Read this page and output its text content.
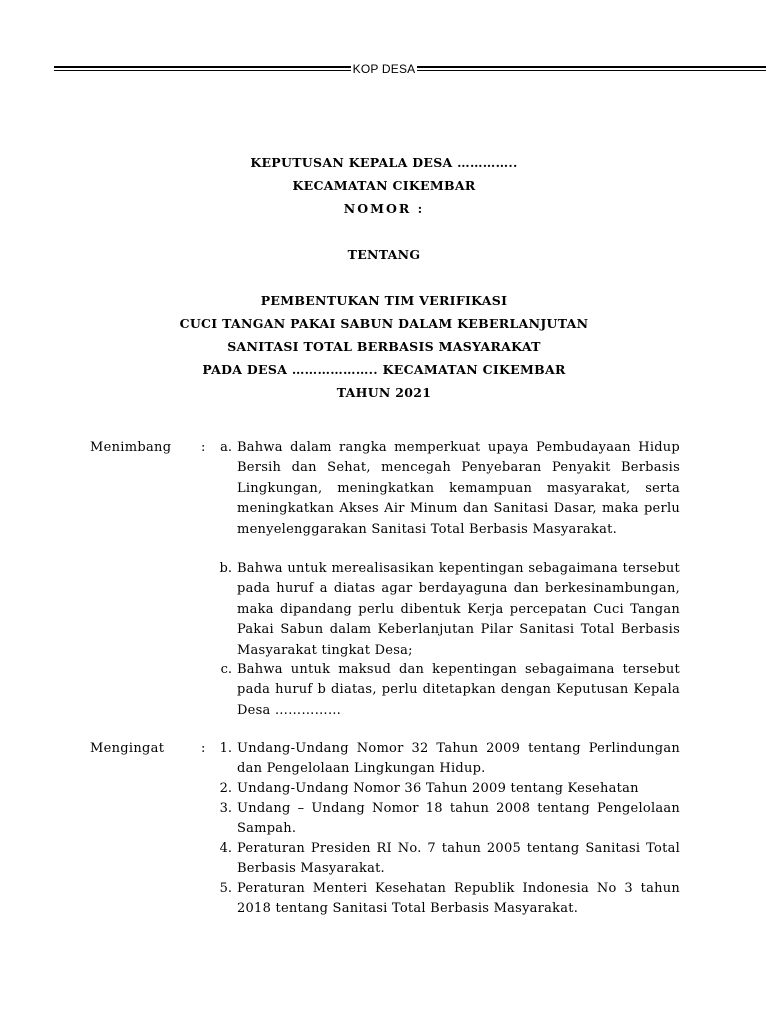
KOP DESA
KEPUTUSAN KEPALA DESA …………..
KECAMATAN CIKEMBAR
NOMOR :
TENTANG
PEMBENTUKAN TIM VERIFIKASI
CUCI TANGAN PAKAI SABUN DALAM KEBERLANJUTAN
SANITASI TOTAL BERBASIS MASYARAKAT
PADA DESA ……………….. KECAMATAN CIKEMBAR
TAHUN 2021
Menimbang :	a. Bahwa dalam rangka memperkuat upaya Pembudayaan Hidup Bersih dan Sehat, mencegah Penyebaran Penyakit Berbasis Lingkungan, meningkatkan kemampuan masyarakat, serta meningkatkan Akses Air Minum dan Sanitasi Dasar, maka perlu menyelenggarakan Sanitasi Total Berbasis Masyarakat.
b. Bahwa untuk merealisasikan kepentingan sebagaimana tersebut pada huruf a diatas agar berdayaguna dan berkesinambungan, maka dipandang perlu dibentuk Kerja percepatan Cuci Tangan Pakai Sabun dalam Keberlanjutan Pilar Sanitasi Total Berbasis Masyarakat tingkat Desa;
c. Bahwa untuk maksud dan kepentingan sebagaimana tersebut pada huruf b diatas, perlu ditetapkan dengan Keputusan Kepala Desa ……………
Mengingat	:	1. Undang-Undang Nomor 32 Tahun 2009 tentang Perlindungan dan Pengelolaan Lingkungan Hidup.
2. Undang-Undang Nomor 36 Tahun 2009 tentang Kesehatan
3. Undang – Undang Nomor 18 tahun 2008 tentang Pengelolaan Sampah.
4. Peraturan Presiden RI No. 7 tahun 2005 tentang Sanitasi Total Berbasis Masyarakat.
5. Peraturan Menteri Kesehatan Republik Indonesia No 3 tahun 2018 tentang Sanitasi Total Berbasis Masyarakat.
